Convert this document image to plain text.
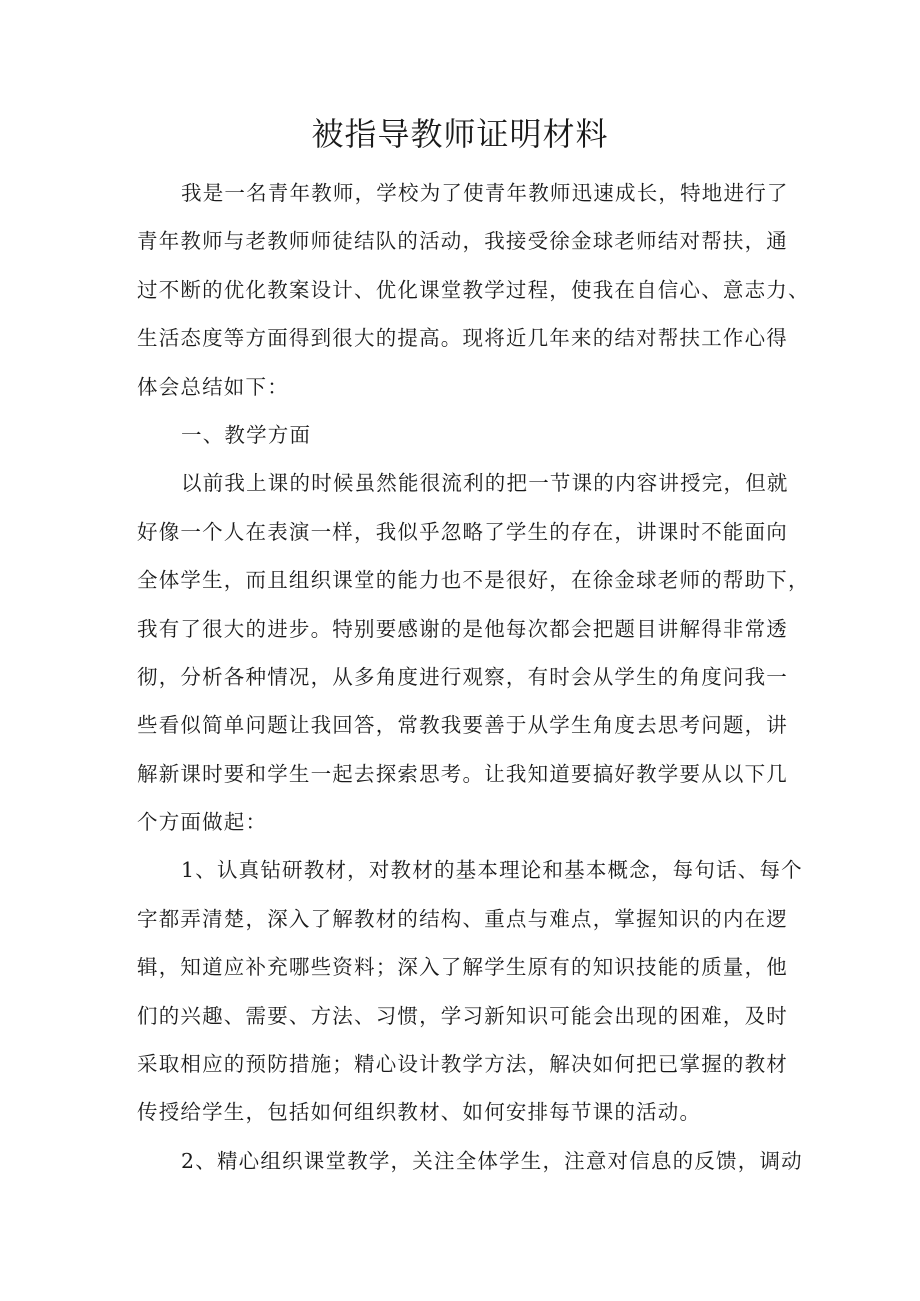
被指导教师证明材料
我是一名青年教师，学校为了使青年教师迅速成长，特地进行了
青年教师与老教师师徒结队的活动，我接受徐金球老师结对帮扶，通
过不断的优化教案设计、优化课堂教学过程，使我在自信心、意志力、
生活态度等方面得到很大的提高。现将近几年来的结对帮扶工作心得
体会总结如下：
一、教学方面
以前我上课的时候虽然能很流利的把一节课的内容讲授完，但就
好像一个人在表演一样，我似乎忽略了学生的存在，讲课时不能面向
全体学生，而且组织课堂的能力也不是很好，在徐金球老师的帮助下，
我有了很大的进步。特别要感谢的是他每次都会把题目讲解得非常透
彻，分析各种情况，从多角度进行观察，有时会从学生的角度问我一
些看似简单问题让我回答，常教我要善于从学生角度去思考问题，讲
解新课时要和学生一起去探索思考。让我知道要搞好教学要从以下几
个方面做起：
1、认真钻研教材，对教材的基本理论和基本概念，每句话、每个
字都弄清楚，深入了解教材的结构、重点与难点，掌握知识的内在逻
辑，知道应补充哪些资料；深入了解学生原有的知识技能的质量，他
们的兴趣、需要、方法、习惯，学习新知识可能会出现的困难，及时
采取相应的预防措施；精心设计教学方法，解决如何把已掌握的教材
传授给学生，包括如何组织教材、如何安排每节课的活动。
2、精心组织课堂教学，关注全体学生，注意对信息的反馈，调动
